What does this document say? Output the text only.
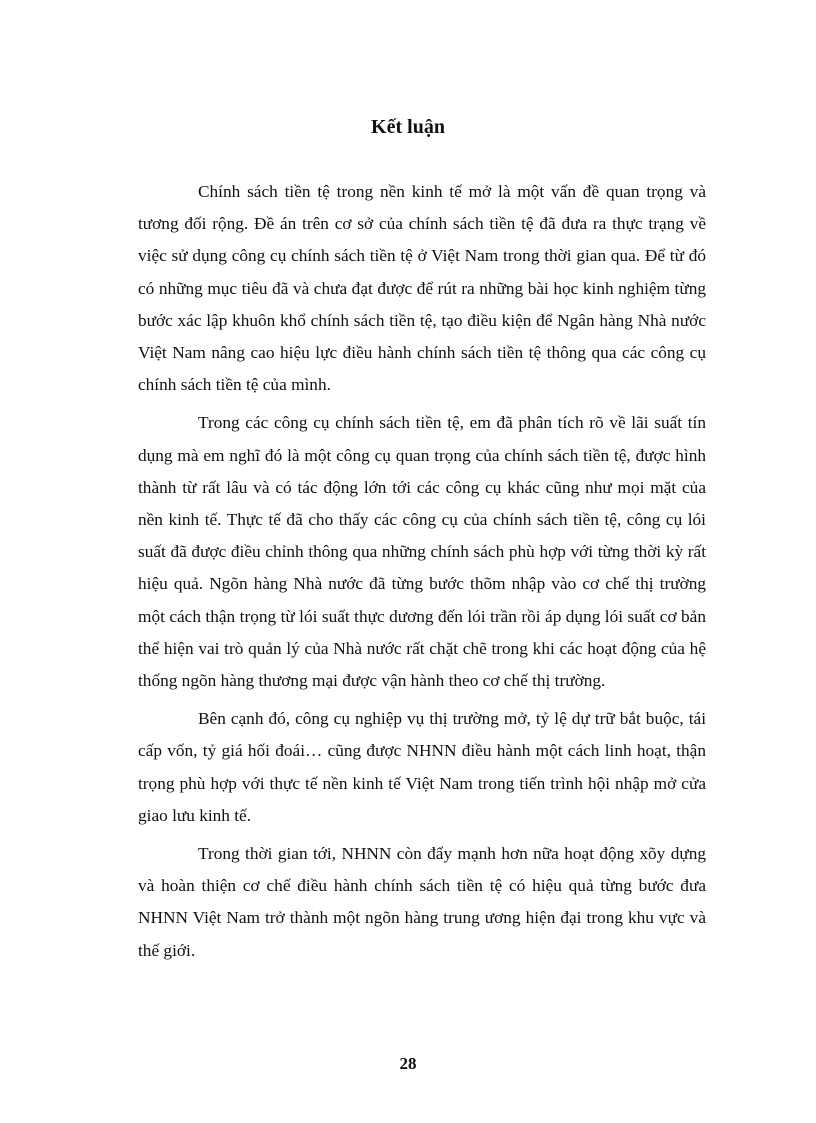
Kết luận

Chính sách tiền tệ trong nền kinh tế mở là một vấn đề quan trọng và tương đối rộng. Đề án trên cơ sở của chính sách tiền tệ đã đưa ra thực trạng về việc sử dụng công cụ chính sách tiền tệ ở Việt Nam trong thời gian qua. Để từ đó có những mục tiêu đã và chưa đạt được để rút ra những bài học kinh nghiệm từng bước xác lập khuôn khổ chính sách tiền tệ, tạo điều kiện để Ngân hàng Nhà nước Việt Nam nâng cao hiệu lực điều hành chính sách tiền tệ thông qua các công cụ chính sách tiền tệ của mình.

Trong các công cụ chính sách tiền tệ, em đã phân tích rõ về lãi suất tín dụng mà em nghĩ đó là một công cụ quan trọng của chính sách tiền tệ, được hình thành từ rất lâu và có tác động lớn tới các công cụ khác cũng như mọi mặt của nền kinh tế. Thực tế đã cho thấy các công cụ của chính sách tiền tệ, công cụ lói suất đã được điều chỉnh thông qua những chính sách phù hợp với từng thời kỳ rất hiệu quả. Ngõn hàng Nhà nước đã từng bước thõm nhập vào cơ chế thị trường một cách thận trọng từ lói suất thực dương đến lói trần rồi áp dụng lói suất cơ bản thể hiện vai trò quản lý của Nhà nước rất chặt chẽ trong khi các hoạt động của hệ thống ngõn hàng thương mại được vận hành theo cơ chế thị trường.

Bên cạnh đó, công cụ nghiệp vụ thị trường mở, tỷ lệ dự trữ bắt buộc, tái cấp vốn, tỷ giá hối đoái… cũng được NHNN điều hành một cách linh hoạt, thận trọng phù hợp với thực tế nền kinh tế Việt Nam trong tiến trình hội nhập mở cửa giao lưu kinh tế.

Trong thời gian tới, NHNN còn đẩy mạnh hơn nữa hoạt động xõy dựng và hoàn thiện cơ chế điều hành chính sách tiền tệ có hiệu quả từng bước đưa NHNN Việt Nam trở thành một ngõn hàng trung ương hiện đại trong khu vực và thế giới.

28
